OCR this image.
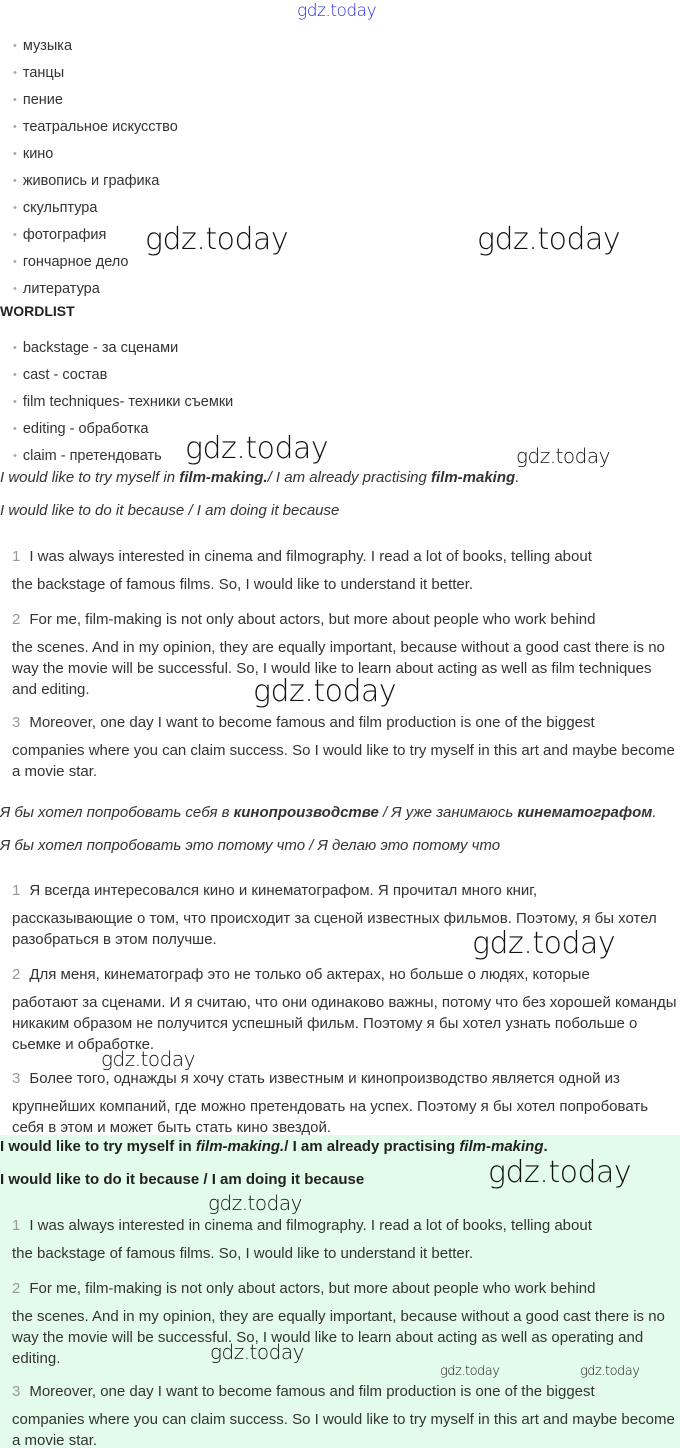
• музыка
• танцы
• пение
• театральное искусство
• кино
• живопись и графика
• скульптура
• фотография
• гончарное дело
• литература
WORDLIST
• backstage - за сценами
• cast - состав
• film techniques- техники съемки
• editing - обработка
• claim - претендовать
I would like to try myself in film-making./ I am already practising film-making.
I would like to do it because / I am doing it because
1 I was always interested in cinema and filmography. I read a lot of books, telling about
the backstage of famous films. So, I would like to understand it better.
2 For me, film-making is not only about actors, but more about people who work behind
the scenes. And in my opinion, they are equally important, because without a good cast there is no way the movie will be successful. So, I would like to learn about acting as well as film techniques and editing.
3 Moreover, one day I want to become famous and film production is one of the biggest
companies where you can claim success. So I would like to try myself in this art and maybe become a movie star.
Я бы хотел попробовать себя в кинопроизводстве / Я уже занимаюсь кинематографом.
Я бы хотел попробовать это потому что / Я делаю это потому что
1 Я всегда интересовался кино и кинематографом. Я прочитал много книг,
рассказывающие о том, что происходит за сценой известных фильмов. Поэтому, я бы хотел разобраться в этом получше.
2 Для меня, кинематограф это не только об актерах, но больше о людях, которые
работают за сценами. И я считаю, что они одинаково важны, потому что без хорошей команды никаким образом не получится успешный фильм. Поэтому я бы хотел узнать побольше о сьемке и обработке.
3 Более того, однажды я хочу стать известным и кинопроизводство является одной из
крупнейших компаний, где можно претендовать на успех. Поэтому я бы хотел попробовать себя в этом и может быть стать кино звездой.
I would like to try myself in film-making./ I am already practising film-making.
I would like to do it because / I am doing it because
1 I was always interested in cinema and filmography. I read a lot of books, telling about
the backstage of famous films. So, I would like to understand it better.
2 For me, film-making is not only about actors, but more about people who work behind
the scenes. And in my opinion, they are equally important, because without a good cast there is no way the movie will be successful. So, I would like to learn about acting as well as operating and editing.
3 Moreover, one day I want to become famous and film production is one of the biggest
companies where you can claim success. So I would like to try myself in this art and maybe become a movie star.
gdz.today
gdz.today	gdz.today
gdz.today	gdz.today
gdz.today
gdz.today
gdz.today
gdz.today
gdz.today
gdz.today
gdz.today	gdz.today
